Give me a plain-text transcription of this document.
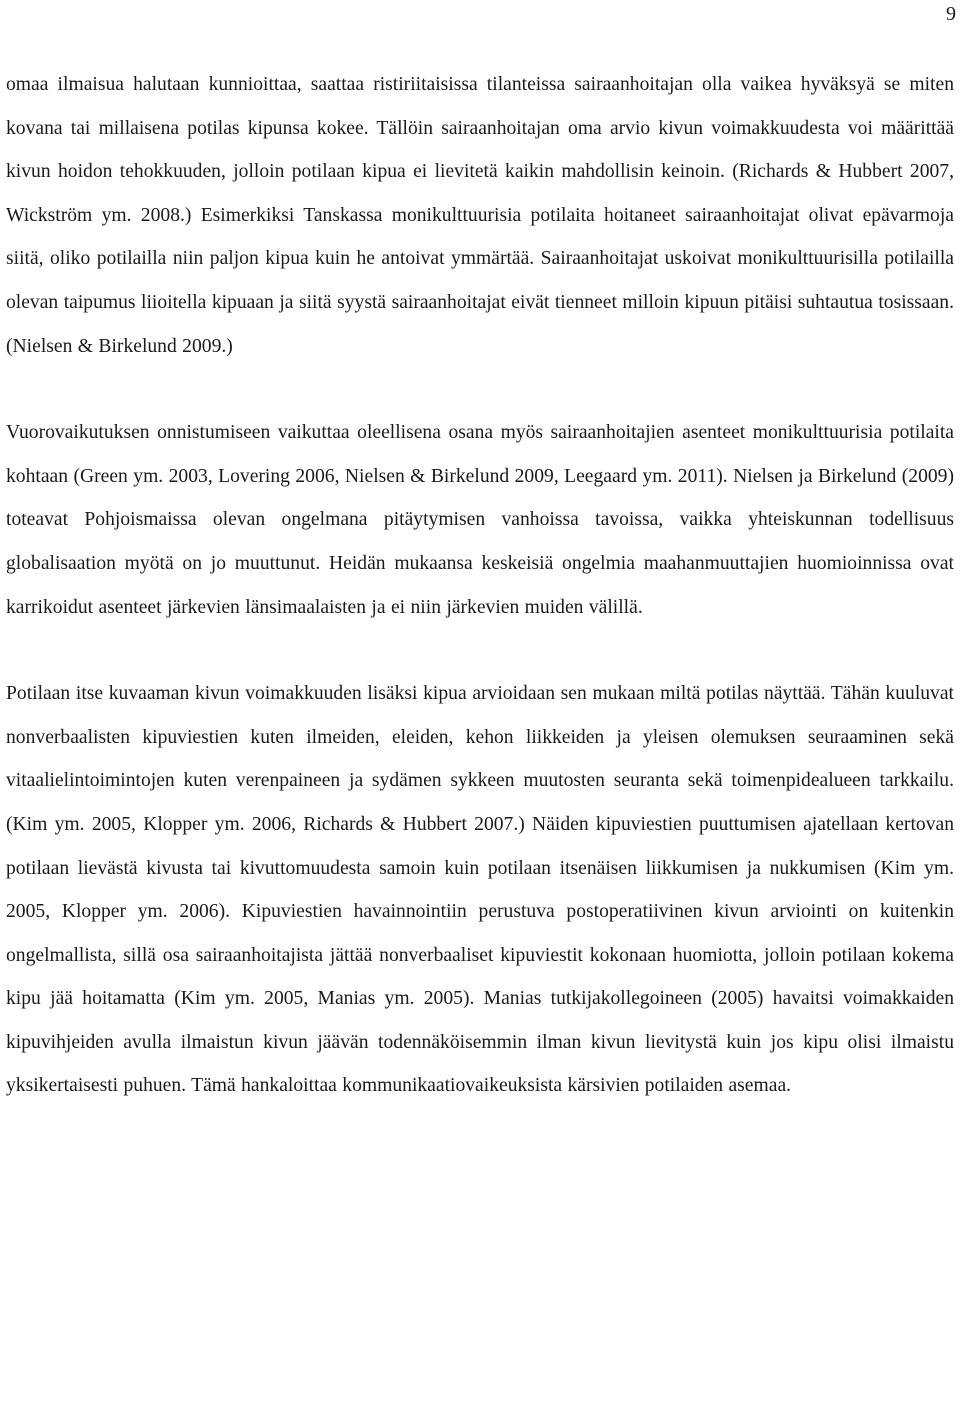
9

omaa ilmaisua halutaan kunnioittaa, saattaa ristiriitaisissa tilanteissa sairaanhoitajan olla vaikea hyväksyä se miten kovana tai millaisena potilas kipunsa kokee. Tällöin sairaanhoitajan oma arvio kivun voimakkuudesta voi määrittää kivun hoidon tehokkuuden, jolloin potilaan kipua ei lievitetä kaikin mahdollisin keinoin. (Richards & Hubbert 2007, Wickström ym. 2008.) Esimerkiksi Tanskassa monikulttuurisia potilaita hoitaneet sairaanhoitajat olivat epävarmoja siitä, oliko potilailla niin paljon kipua kuin he antoivat ymmärtää. Sairaanhoitajat uskoivat monikulttuurisilla potilailla olevan taipumus liioitella kipuaan ja siitä syystä sairaanhoitajat eivät tienneet milloin kipuun pitäisi suhtautua tosissaan. (Nielsen & Birkelund 2009.)

Vuorovaikutuksen onnistumiseen vaikuttaa oleellisena osana myös sairaanhoitajien asenteet monikulttuurisia potilaita kohtaan (Green ym. 2003, Lovering 2006, Nielsen & Birkelund 2009, Leegaard ym. 2011). Nielsen ja Birkelund (2009) toteavat Pohjoismaissa olevan ongelmana pitäytymisen vanhoissa tavoissa, vaikka yhteiskunnan todellisuus globalisaation myötä on jo muuttunut. Heidän mukaansa keskeisiä ongelmia maahanmuuttajien huomioinnissa ovat karrikoidut asenteet järkevien länsimaalaisten ja ei niin järkevien muiden välillä.

Potilaan itse kuvaaman kivun voimakkuuden lisäksi kipua arvioidaan sen mukaan miltä potilas näyttää. Tähän kuuluvat nonverbaalisten kipuviestien kuten ilmeiden, eleiden, kehon liikkeiden ja yleisen olemuksen seuraaminen sekä vitaalielintoimintojen kuten verenpaineen ja sydämen sykkeen muutosten seuranta sekä toimenpidealueen tarkkailu. (Kim ym. 2005, Klopper ym. 2006, Richards & Hubbert 2007.) Näiden kipuviestien puuttumisen ajatellaan kertovan potilaan lievästä kivusta tai kivuttomuudesta samoin kuin potilaan itsenäisen liikkumisen ja nukkumisen (Kim ym. 2005, Klopper ym. 2006). Kipuviestien havainnointiin perustuva postoperatiivinen kivun arviointi on kuitenkin ongelmallista, sillä osa sairaanhoitajista jättää nonverbaaliset kipuviestit kokonaan huomiotta, jolloin potilaan kokema kipu jää hoitamatta (Kim ym. 2005, Manias ym. 2005). Manias tutkijakollegoineen (2005) havaitsi voimakkaiden kipuvihjeiden avulla ilmaistun kivun jäävän todennäköisemmin ilman kivun lievitystä kuin jos kipu olisi ilmaistu yksikertaisesti puhuen. Tämä hankaloittaa kommunikaatiovaikeuksista kärsivien potilaiden asemaa.
